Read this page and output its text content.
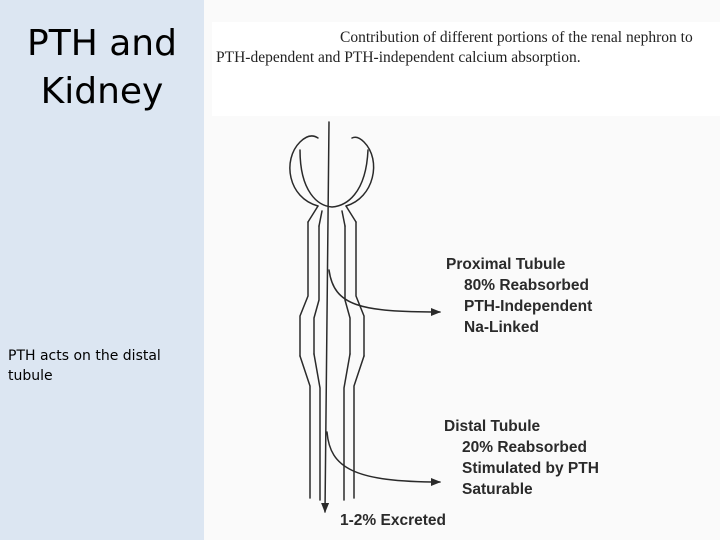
PTH and
Kidney
PTH acts on the distal tubule
Contribution of different portions of the renal nephron to PTH-dependent and PTH-independent calcium absorption.
Proximal Tubule
80% Reabsorbed
PTH-Independent
Na-Linked
Distal Tubule
20% Reabsorbed
Stimulated by PTH
Saturable
1-2% Excreted
